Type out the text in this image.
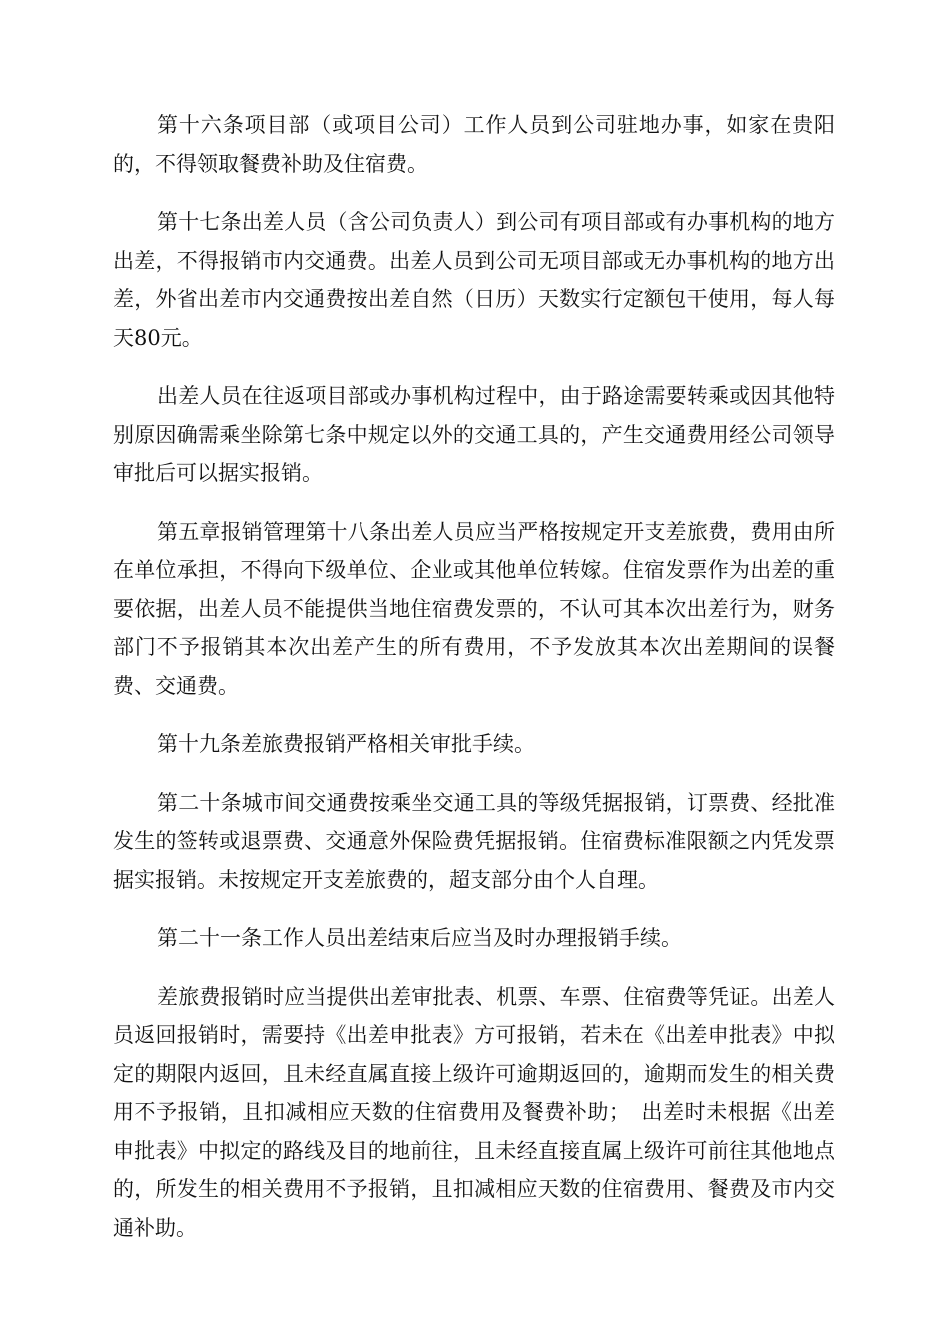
第十六条项目部（或项目公司）工作人员到公司驻地办事，如家在贵阳的，不得领取餐费补助及住宿费。

第十七条出差人员（含公司负责人）到公司有项目部或有办事机构的地方出差，不得报销市内交通费。出差人员到公司无项目部或无办事机构的地方出差，外省出差市内交通费按出差自然（日历）天数实行定额包干使用，每人每天80元。

出差人员在往返项目部或办事机构过程中，由于路途需要转乘或因其他特别原因确需乘坐除第七条中规定以外的交通工具的，产生交通费用经公司领导审批后可以据实报销。

第五章报销管理第十八条出差人员应当严格按规定开支差旅费，费用由所在单位承担，不得向下级单位、企业或其他单位转嫁。住宿发票作为出差的重要依据，出差人员不能提供当地住宿费发票的，不认可其本次出差行为，财务部门不予报销其本次出差产生的所有费用，不予发放其本次出差期间的误餐费、交通费。

第十九条差旅费报销严格相关审批手续。

第二十条城市间交通费按乘坐交通工具的等级凭据报销，订票费、经批准发生的签转或退票费、交通意外保险费凭据报销。住宿费标准限额之内凭发票据实报销。未按规定开支差旅费的，超支部分由个人自理。

第二十一条工作人员出差结束后应当及时办理报销手续。

差旅费报销时应当提供出差审批表、机票、车票、住宿费等凭证。出差人员返回报销时，需要持《出差申批表》方可报销，若未在《出差申批表》中拟定的期限内返回，且未经直属直接上级许可逾期返回的，逾期而发生的相关费用不予报销，且扣减相应天数的住宿费用及餐费补助；　出差时未根据《出差申批表》中拟定的路线及目的地前往，且未经直接直属上级许可前往其他地点的，所发生的相关费用不予报销，且扣减相应天数的住宿费用、餐费及市内交通补助。
